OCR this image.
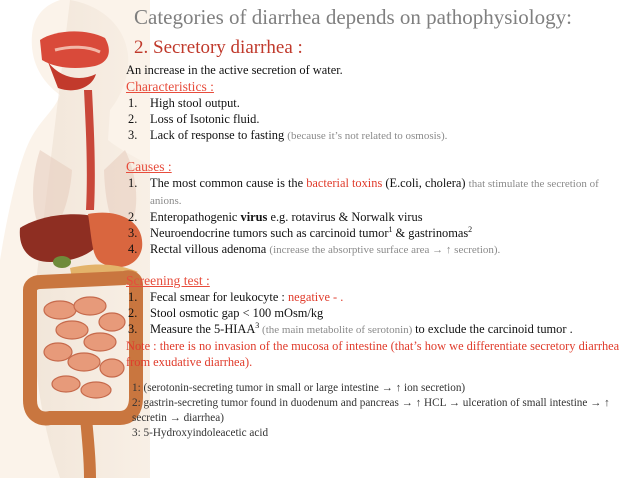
Categories of diarrhea depends on pathophysiology:
2. Secretory diarrhea :
An increase in the active secretion of water.
Characteristics :
1. High stool output.
2. Loss of Isotonic fluid.
3. Lack of response to fasting (because it’s not related to osmosis).
Causes :
1. The most common cause is the bacterial toxins (E.coli, cholera) that stimulate the secretion of anions.
2. Enteropathogenic virus e.g. rotavirus & Norwalk virus
3. Neuroendocrine tumors such as carcinoid tumor$^1$ & gastrinomas$^2$
4. Rectal villous adenoma (increase the absorptive surface area → ↑ secretion).
Screening test :
1. Fecal smear for leukocyte : negative - .
2. Stool osmotic gap < 100 mOsm/kg
3. Measure the 5-HIAA$^3$ (the main metabolite of serotonin) to exclude the carcinoid tumor .
Note : there is no invasion of the mucosa of intestine (that’s how we differentiate secretory diarrhea from exudative diarrhea).
1: (serotonin-secreting tumor in small or large intestine → ↑ ion secretion)
2: gastrin-secreting tumor found in duodenum and pancreas → ↑ HCL → ulceration of small intestine → ↑ secretin → diarrhea)
3: 5-Hydroxyindoleacetic acid
